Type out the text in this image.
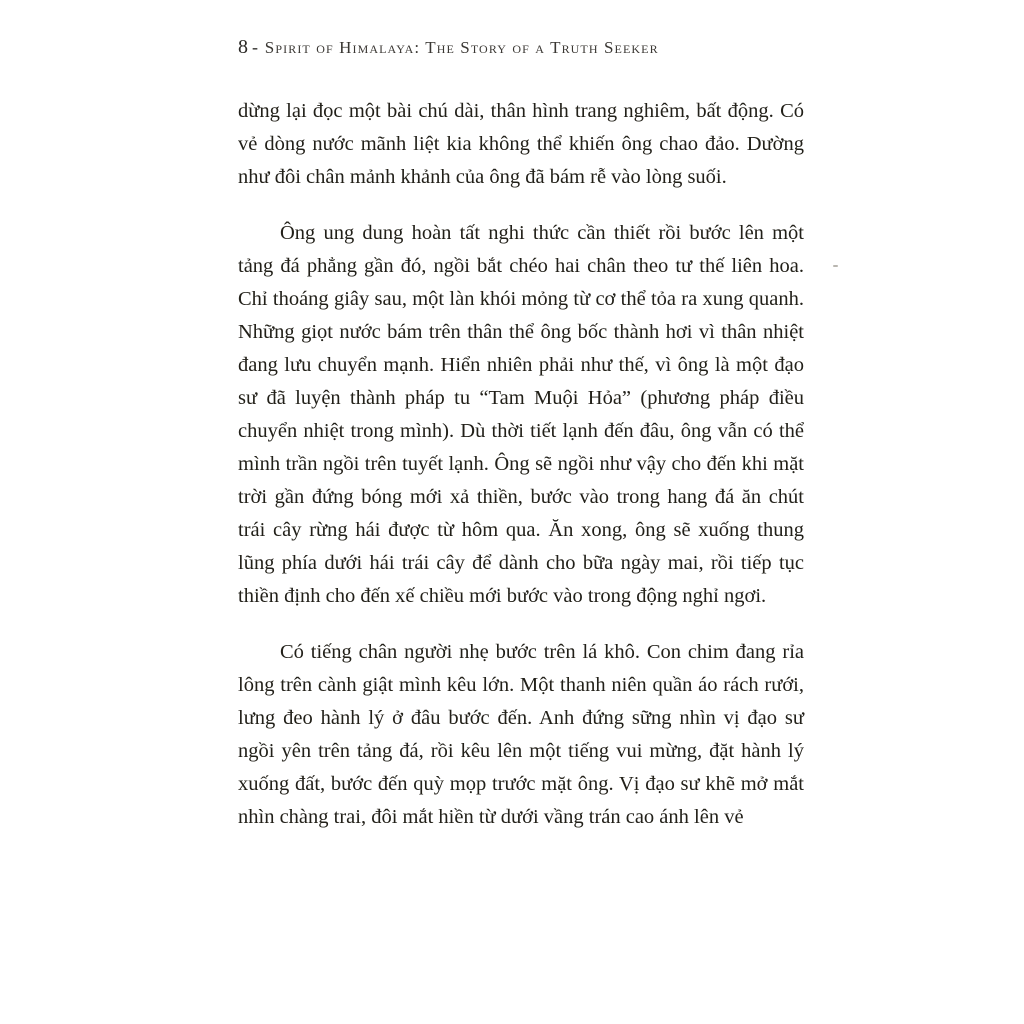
8 - Spirit of Himalaya: The Story of a Truth Seeker

dừng lại đọc một bài chú dài, thân hình trang nghiêm, bất động. Có vẻ dòng nước mãnh liệt kia không thể khiến ông chao đảo. Dường như đôi chân mảnh khảnh của ông đã bám rễ vào lòng suối.

Ông ung dung hoàn tất nghi thức cần thiết rồi bước lên một tảng đá phẳng gần đó, ngồi bắt chéo hai chân theo tư thế liên hoa. Chỉ thoáng giây sau, một làn khói mỏng từ cơ thể tỏa ra xung quanh. Những giọt nước bám trên thân thể ông bốc thành hơi vì thân nhiệt đang lưu chuyển mạnh. Hiển nhiên phải như thế, vì ông là một đạo sư đã luyện thành pháp tu “Tam Muội Hỏa” (phương pháp điều chuyển nhiệt trong mình). Dù thời tiết lạnh đến đâu, ông vẫn có thể mình trần ngồi trên tuyết lạnh. Ông sẽ ngồi như vậy cho đến khi mặt trời gần đứng bóng mới xả thiền, bước vào trong hang đá ăn chút trái cây rừng hái được từ hôm qua. Ăn xong, ông sẽ xuống thung lũng phía dưới hái trái cây để dành cho bữa ngày mai, rồi tiếp tục thiền định cho đến xế chiều mới bước vào trong động nghỉ ngơi.

Có tiếng chân người nhẹ bước trên lá khô. Con chim đang rỉa lông trên cành giật mình kêu lớn. Một thanh niên quần áo rách rưới, lưng đeo hành lý ở đâu bước đến. Anh đứng sững nhìn vị đạo sư ngồi yên trên tảng đá, rồi kêu lên một tiếng vui mừng, đặt hành lý xuống đất, bước đến quỳ mọp trước mặt ông. Vị đạo sư khẽ mở mắt nhìn chàng trai, đôi mắt hiền từ dưới vầng trán cao ánh lên vẻ
